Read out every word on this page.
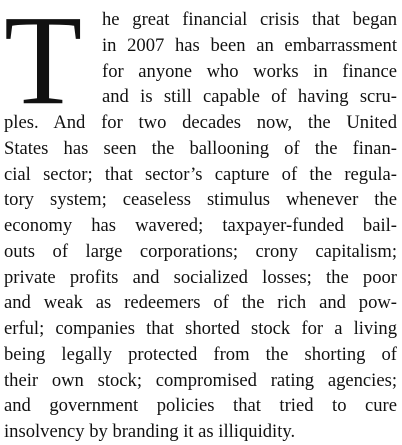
T	he great financial crisis that began
in 2007 has been an embarrassment
for anyone who works in finance
and is still capable of having scru-
ples. And for two decades now, the United
States has seen the ballooning of the finan-
cial sector; that sector’s capture of the regula-
tory system; ceaseless stimulus whenever the
economy has wavered; taxpayer-funded bail-
outs of large corporations; crony capitalism;
private profits and socialized losses; the poor
and weak as redeemers of the rich and pow-
erful; companies that shorted stock for a living
being legally protected from the shorting of
their own stock; compromised rating agencies;
and government policies that tried to cure
insolvency by branding it as illiquidity.
